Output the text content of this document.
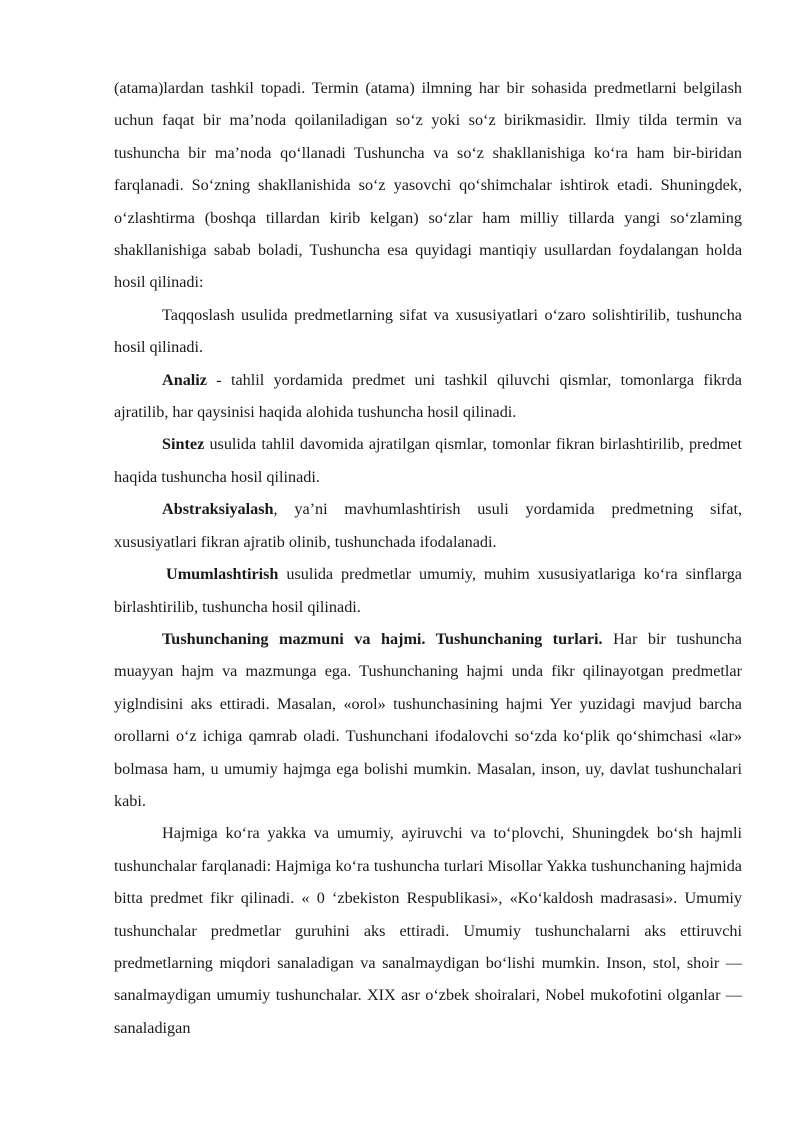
(atama)lardan tashkil topadi. Termin (atama) ilmning har bir sohasida predmetlarni belgilash uchun faqat bir ma’noda qoilaniladigan so‘z yoki so‘z birikmasidir. Ilmiy tilda termin va tushuncha bir ma’noda qo‘llanadi Tushuncha va so‘z shakllanishiga ko‘ra ham bir-biridan farqlanadi. So‘zning shakllanishida so‘z yasovchi qo‘shimchalar ishtirok etadi. Shuningdek, o‘zlashtirma (boshqa tillardan kirib kelgan) so‘zlar ham milliy tillarda yangi so‘zlaming shakllanishiga sabab boladi, Tushuncha esa quyidagi mantiqiy usullardan foydalangan holda hosil qilinadi:

Taqqoslash usulida predmetlarning sifat va xususiyatlari o‘zaro solishtirilib, tushuncha hosil qilinadi.

Analiz - tahlil yordamida predmet uni tashkil qiluvchi qismlar, tomonlarga fikrda ajratilib, har qaysinisi haqida alohida tushuncha hosil qilinadi.

Sintez usulida tahlil davomida ajratilgan qismlar, tomonlar fikran birlashtirilib, predmet haqida tushuncha hosil qilinadi.

Abstraksiyalash, ya’ni mavhumlashtirish usuli yordamida predmetning sifat, xususiyatlari fikran ajratib olinib, tushunchada ifodalanadi.

Umumlashtirish usulida predmetlar umumiy, muhim xususiyatlariga ko‘ra sinflarga birlashtirilib, tushuncha hosil qilinadi.

Tushunchaning mazmuni va hajmi. Tushunchaning turlari. Har bir tushuncha muayyan hajm va mazmunga ega. Tushunchaning hajmi unda fikr qilinayotgan predmetlar yiglndisini aks ettiradi. Masalan, «orol» tushunchasining hajmi Yer yuzidagi mavjud barcha orollarni o‘z ichiga qamrab oladi. Tushunchani ifodalovchi so‘zda ko‘plik qo‘shimchasi «lar» bolmasa ham, u umumiy hajmga ega bolishi mumkin. Masalan, inson, uy, davlat tushunchalari kabi.

Hajmiga ko‘ra yakka va umumiy, ayiruvchi va to‘plovchi, Shuningdek bo‘sh hajmli tushunchalar farqlanadi: Hajmiga ko‘ra tushuncha turlari Misollar Yakka tushunchaning hajmida bitta predmet fikr qilinadi. « 0 ‘zbekiston Respublikasi», «Ko‘kaldosh madrasasi». Umumiy tushunchalar predmetlar guruhini aks ettiradi. Umumiy tushunchalarni aks ettiruvchi predmetlarning miqdori sanaladigan va sanalmaydigan bo‘lishi mumkin. Inson, stol, shoir — sanalmaydigan umumiy tushunchalar. XIX asr o‘zbek shoiralari, Nobel mukofotini olganlar — sanaladigan
